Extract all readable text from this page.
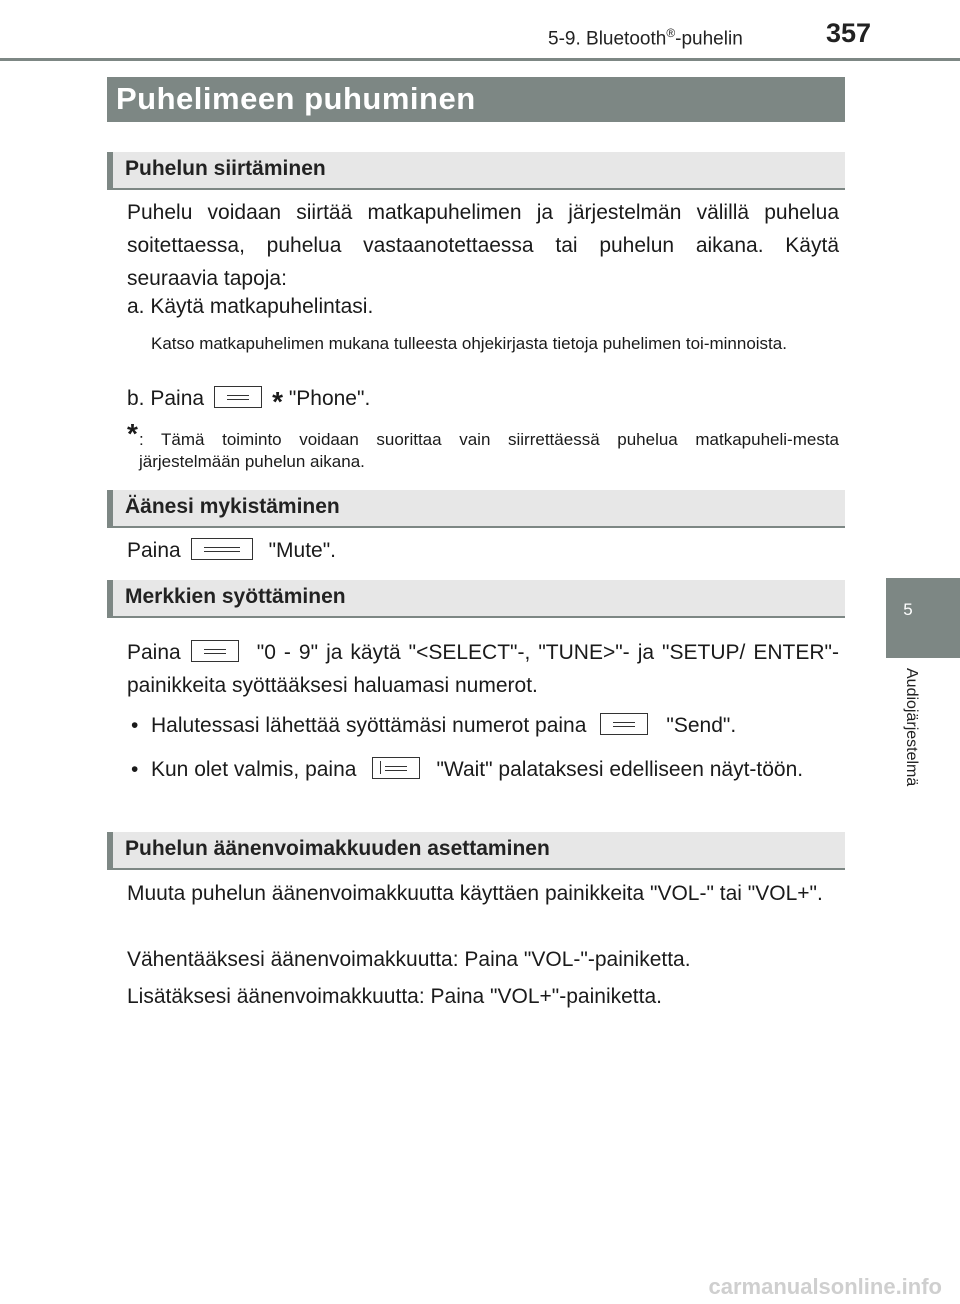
5-9. Bluetooth®-puhelin	357
5
Audiojärjestelmä
Puhelimeen puhuminen
Puhelun siirtäminen
Puhelu voidaan siirtää matkapuhelimen ja järjestelmän välillä puhelua soitettaessa, puhelua vastaanotettaessa tai puhelun aikana. Käytä seuraavia tapoja:
a. Käytä matkapuhelintasi.
Katso matkapuhelimen mukana tulleesta ohjekirjasta tietoja puhelimen toi-minnoista.
b. Paina * "Phone".
* : Tämä toiminto voidaan suorittaa vain siirrettäessä puhelua matkapuheli-mesta järjestelmään puhelun aikana.
Äänesi mykistäminen
Paina	"Mute".
Merkkien syöttäminen
Paina	"0 - 9" ja käytä "<SELECT"-, "TUNE>"- ja "SETUP/ ENTER"-painikkeita syöttääksesi haluamasi numerot.
• Halutessasi lähettää syöttämäsi numerot paina	"Send".
• Kun olet valmis, paina	"Wait" palataksesi edelliseen näyt-töön.
Puhelun äänenvoimakkuuden asettaminen
Muuta puhelun äänenvoimakkuutta käyttäen painikkeita "VOL-" tai "VOL+".
Vähentääksesi äänenvoimakkuutta: Paina "VOL-"-painiketta.
Lisätäksesi äänenvoimakkuutta: Paina "VOL+"-painiketta.
carmanualsonline.info
